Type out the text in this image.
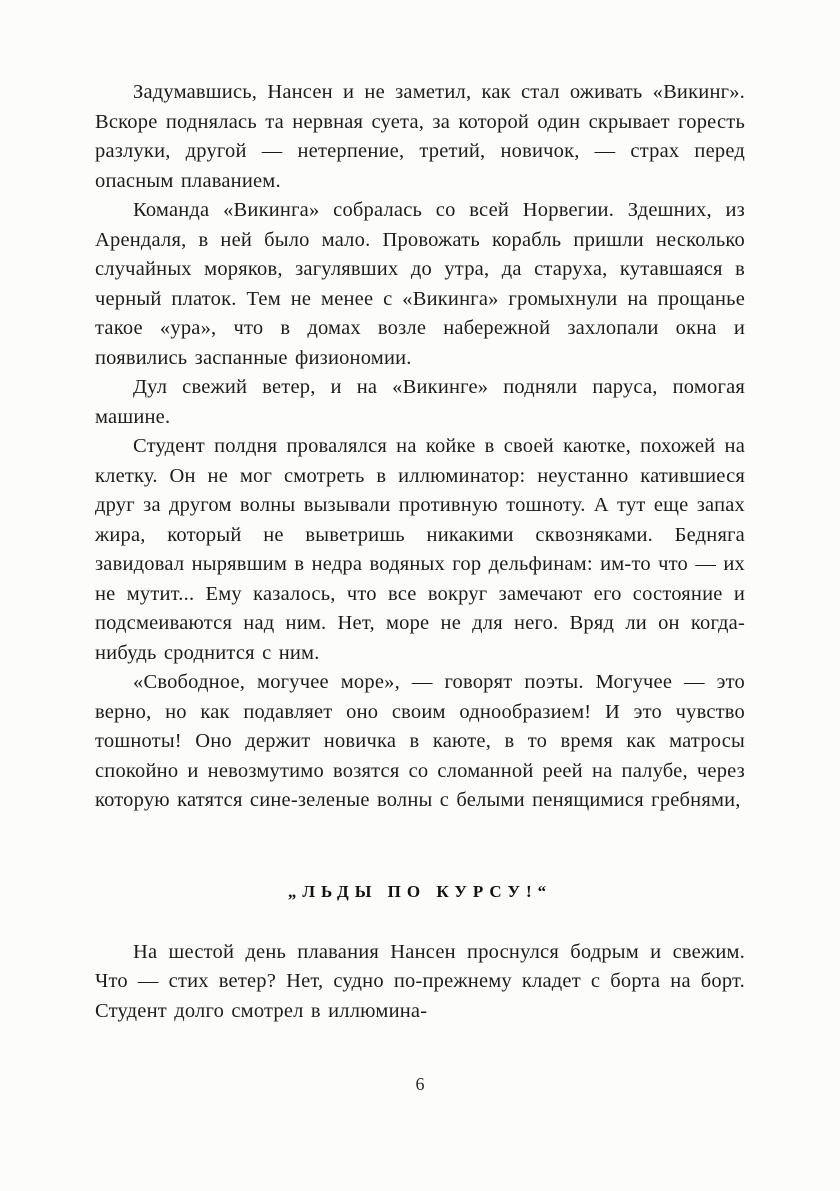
Задумавшись, Нансен и не заметил, как стал оживать «Викинг». Вскоре поднялась та нервная суета, за которой один скрывает горесть разлуки, другой — нетерпение, третий, новичок, — страх перед опасным плаванием.

Команда «Викинга» собралась со всей Норвегии. Здешних, из Арендаля, в ней было мало. Провожать корабль пришли несколько случайных моряков, загулявших до утра, да старуха, кутавшаяся в черный платок. Тем не менее с «Викинга» громыхнули на прощанье такое «ура», что в домах возле набережной захлопали окна и появились заспанные физиономии.

Дул свежий ветер, и на «Викинге» подняли паруса, помогая машине.

Студент полдня провалялся на койке в своей каютке, похожей на клетку. Он не мог смотреть в иллюминатор: неустанно катившиеся друг за другом волны вызывали противную тошноту. А тут еще запах жира, который не выветришь никакими сквозняками. Бедняга завидовал нырявшим в недра водяных гор дельфинам: им-то что — их не мутит... Ему казалось, что все вокруг замечают его состояние и подсмеиваются над ним. Нет, море не для него. Вряд ли он когда-нибудь сроднится с ним.

«Свободное, могучее море», — говорят поэты. Могучее — это верно, но как подавляет оно своим однообразием! И это чувство тошноты! Оно держит новичка в каюте, в то время как матросы спокойно и невозмутимо возятся со сломанной реей на палубе, через которую катятся сине-зеленые волны с белыми пенящимися гребнями,

„ЛЬДЫ ПО КУРСУ!“

На шестой день плавания Нансен проснулся бодрым и свежим. Что — стих ветер? Нет, судно по-прежнему кладет с борта на борт. Студент долго смотрел в иллюмина-

6
